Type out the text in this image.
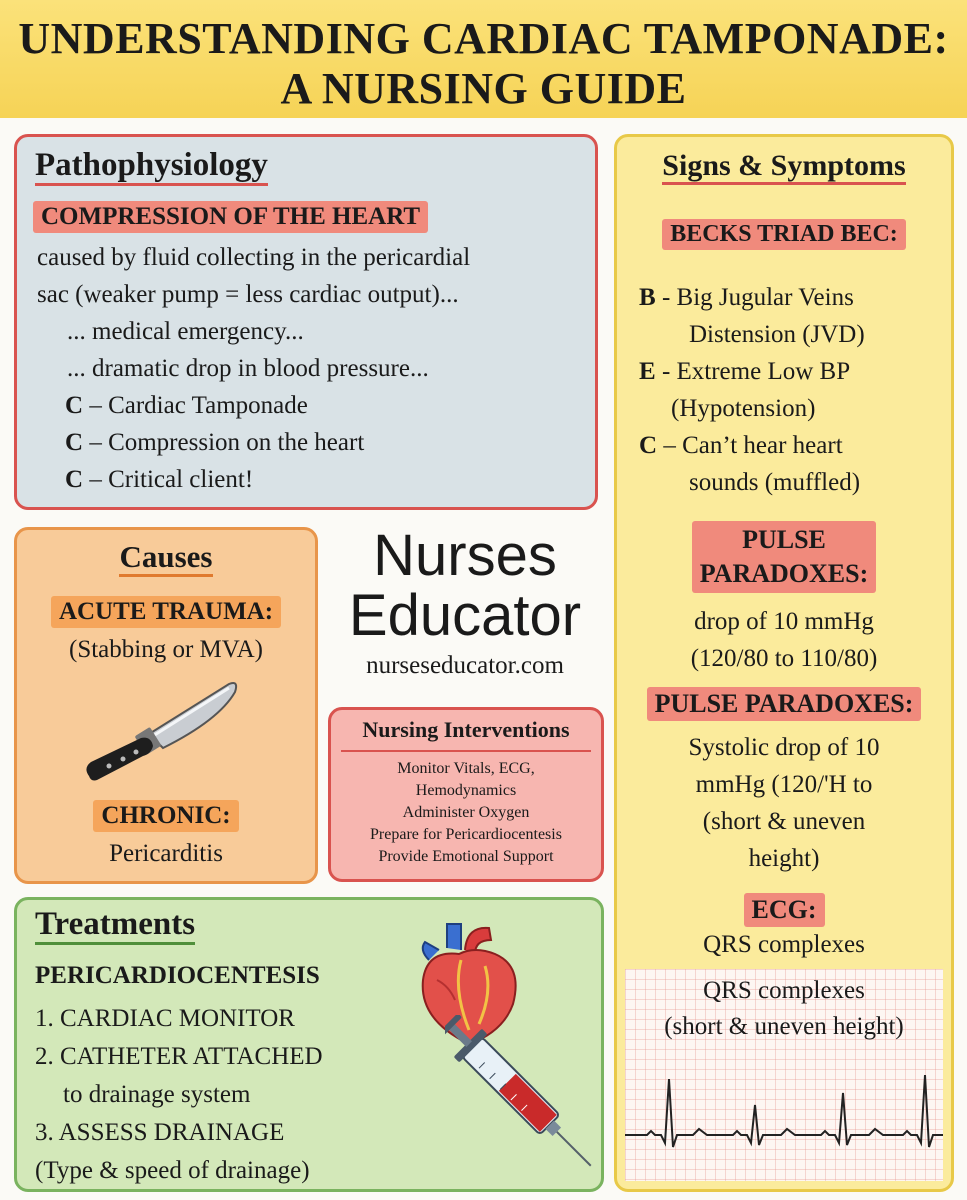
UNDERSTANDING CARDIAC TAMPONADE:
A NURSING GUIDE
Pathophysiology
COMPRESSION OF THE HEART
caused by fluid collecting in the pericardial
sac (weaker pump = less cardiac output)...
... medical emergency...
... dramatic drop in blood pressure...
C – Cardiac Tamponade
C – Compression on the heart
C – Critical client!
Causes
ACUTE TRAUMA:
(Stabbing or MVA)
CHRONIC:
Pericarditis
Nurses
Educator
nurseseducator.com
Nursing Interventions
Monitor Vitals, ECG,
Hemodynamics
Administer Oxygen
Prepare for Pericardiocentesis
Provide Emotional Support
Treatments
PERICARDIOCENTESIS
1. CARDIAC MONITOR
2. CATHETER ATTACHED
to drainage system
3. ASSESS DRAINAGE
(Type & speed of drainage)
Signs & Symptoms
BECKS TRIAD BEC:
B - Big Jugular Veins
Distension (JVD)
E - Extreme Low BP
(Hypotension)
C – Can’t hear heart
sounds (muffled)
PULSE
PARADOXES:
drop of 10 mmHg
(120/80 to 110/80)
PULSE PARADOXES:
Systolic drop of 10
mmHg (120/'H to
(short & uneven
height)
ECG:
QRS complexes
QRS complexes
(short & uneven height)
